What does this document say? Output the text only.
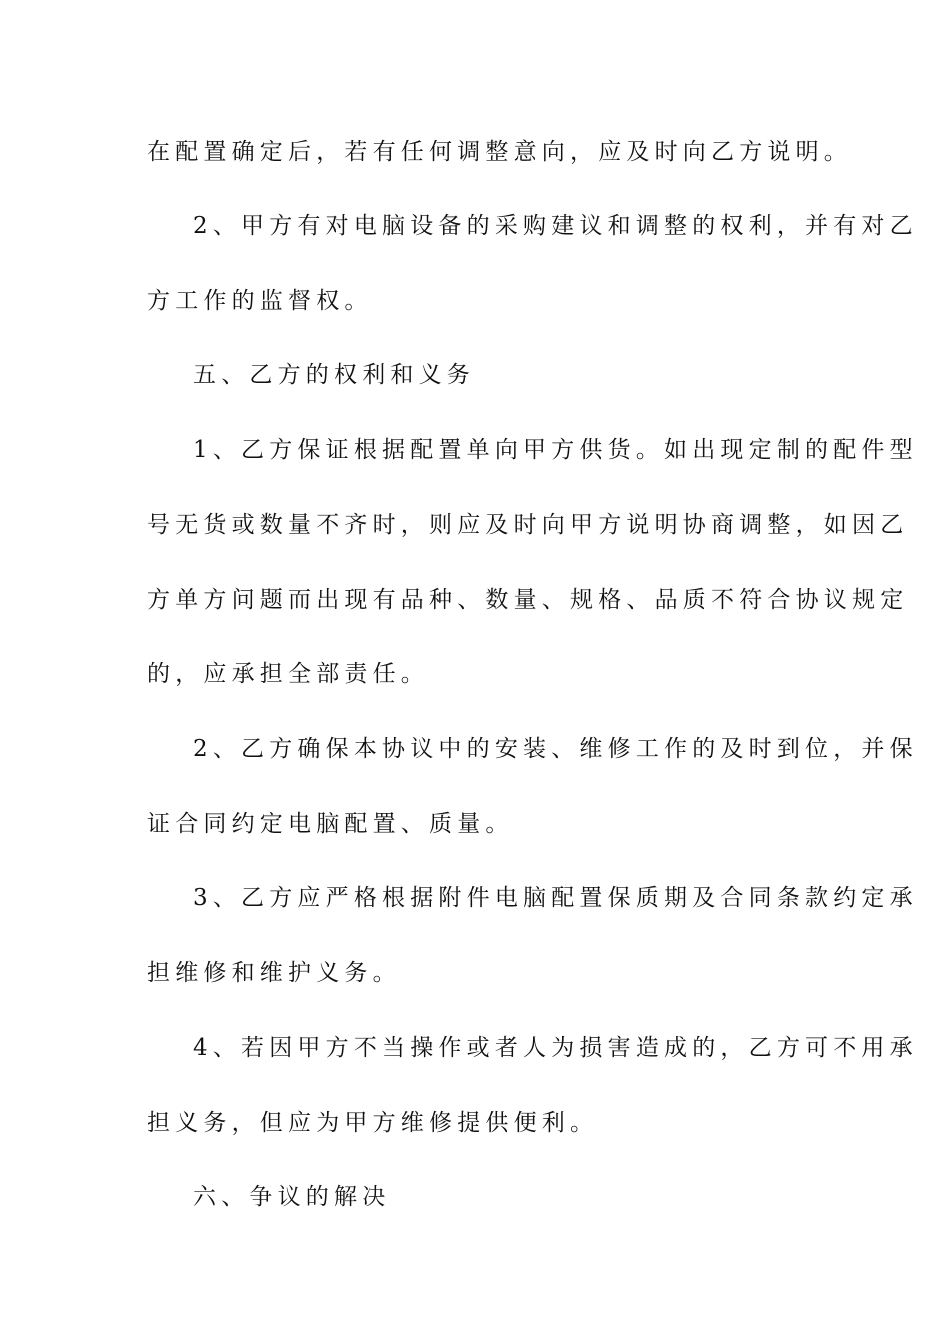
在配置确定后，若有任何调整意向，应及时向乙方说明。
2、甲方有对电脑设备的采购建议和调整的权利，并有对乙
方工作的监督权。
五、乙方的权利和义务
1、乙方保证根据配置单向甲方供货。如出现定制的配件型
号无货或数量不齐时，则应及时向甲方说明协商调整，如因乙
方单方问题而出现有品种、数量、规格、品质不符合协议规定
的，应承担全部责任。
2、乙方确保本协议中的安装、维修工作的及时到位，并保
证合同约定电脑配置、质量。
3、乙方应严格根据附件电脑配置保质期及合同条款约定承
担维修和维护义务。
4、若因甲方不当操作或者人为损害造成的，乙方可不用承
担义务，但应为甲方维修提供便利。
六、争议的解决
